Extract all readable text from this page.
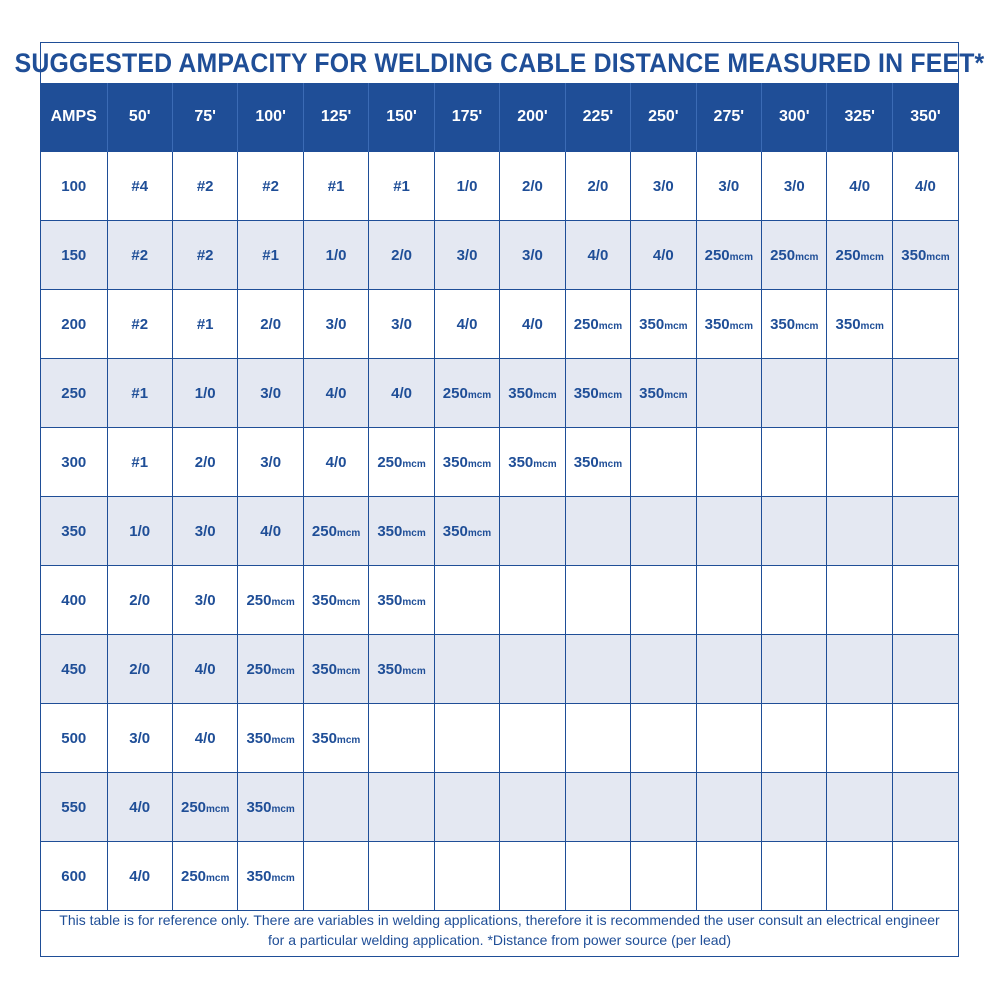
SUGGESTED AMPACITY FOR WELDING CABLE DISTANCE MEASURED IN FEET*
AMPS	50'	75'	100'	125'	150'	175'	200'	225'	250'	275'	300'	325'	350'
100	#4	#2	#2	#1	#1	1/0	2/0	2/0	3/0	3/0	3/0	4/0	4/0
150	#2	#2	#1	1/0	2/0	3/0	3/0	4/0	4/0	250mcm	250mcm	250mcm	350mcm
200	#2	#1	2/0	3/0	3/0	4/0	4/0	250mcm	350mcm	350mcm	350mcm	350mcm	
250	#1	1/0	3/0	4/0	4/0	250mcm	350mcm	350mcm	350mcm				
300	#1	2/0	3/0	4/0	250mcm	350mcm	350mcm	350mcm					
350	1/0	3/0	4/0	250mcm	350mcm	350mcm							
400	2/0	3/0	250mcm	350mcm	350mcm								
450	2/0	4/0	250mcm	350mcm	350mcm								
500	3/0	4/0	350mcm	350mcm									
550	4/0	250mcm	350mcm										
600	4/0	250mcm	350mcm										
This table is for reference only. There are variables in welding applications, therefore it is recommended the user consult an electrical engineer
for a particular welding application. *Distance from power source (per lead)
